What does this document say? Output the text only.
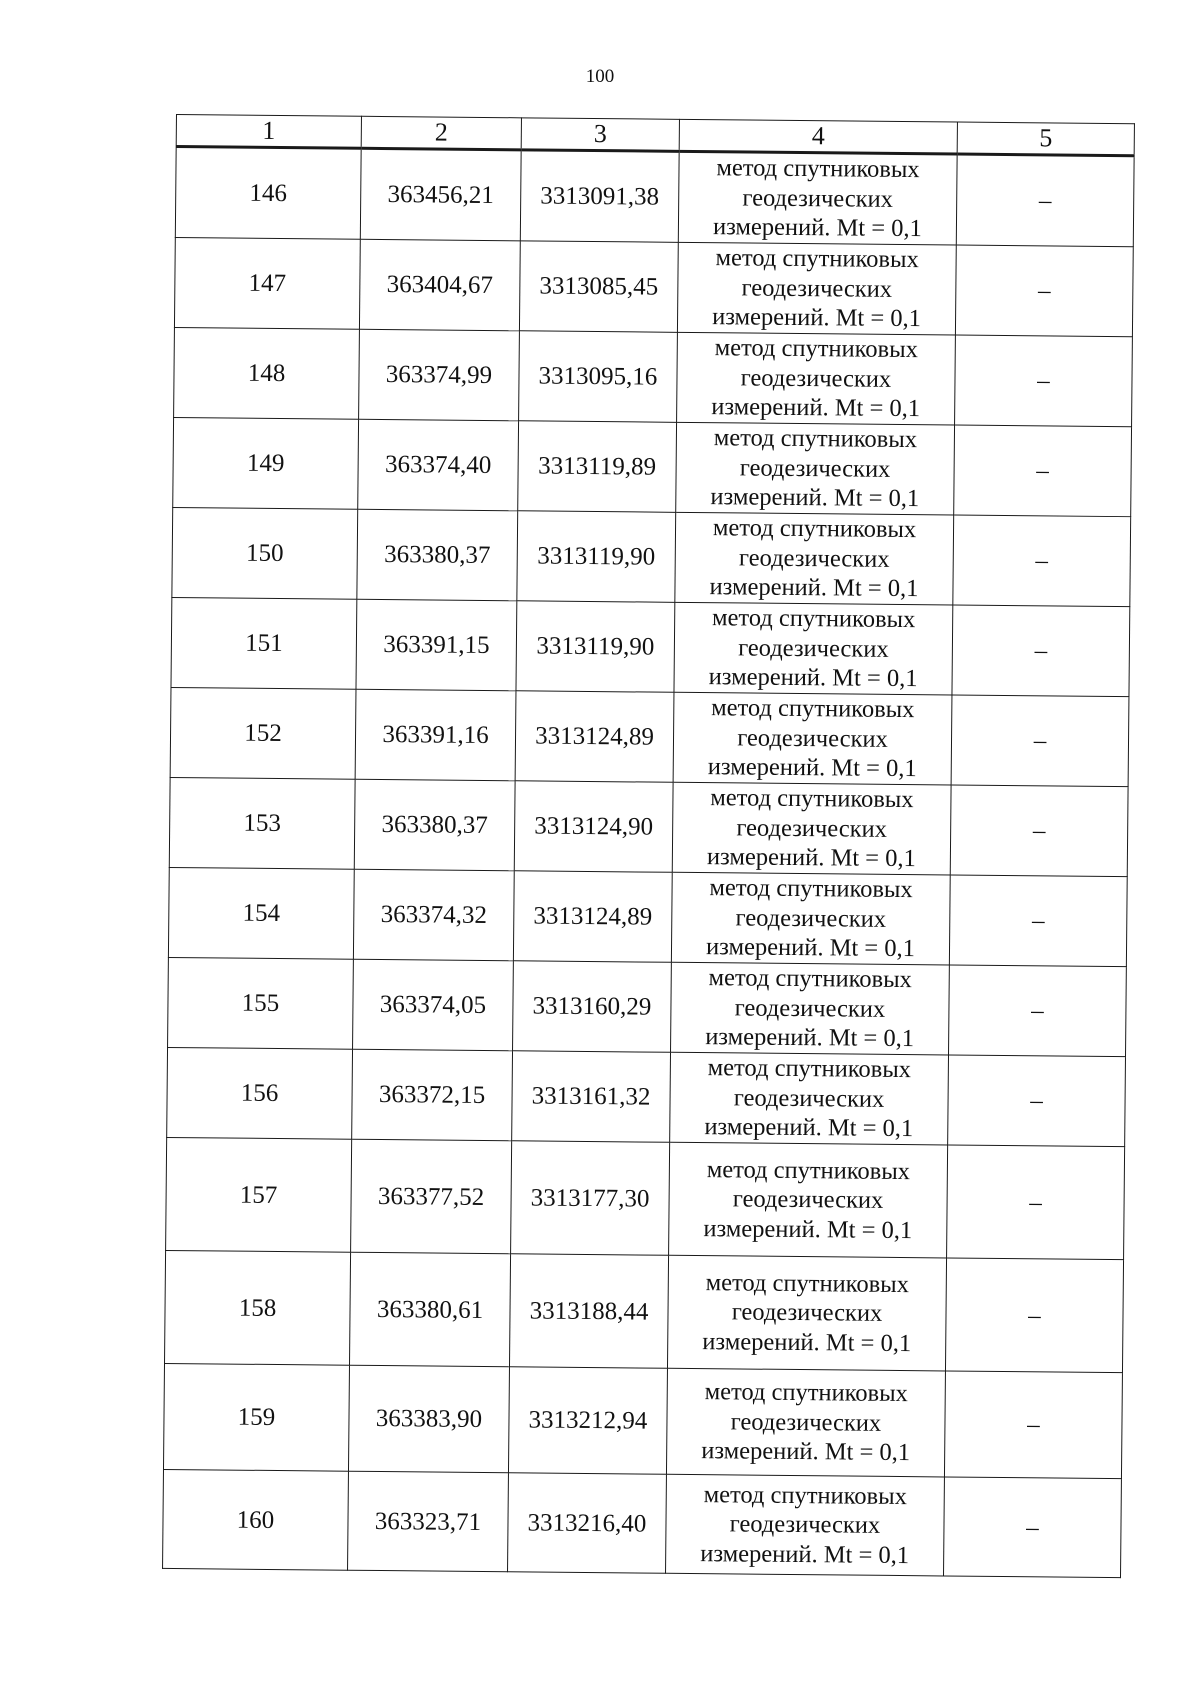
100
1	2	3	4	5
146	363456,21	3313091,38	метод спутниковых
геодезических
измерений. Mt = 0,1	–
147	363404,67	3313085,45	метод спутниковых
геодезических
измерений. Mt = 0,1	–
148	363374,99	3313095,16	метод спутниковых
геодезических
измерений. Mt = 0,1	–
149	363374,40	3313119,89	метод спутниковых
геодезических
измерений. Mt = 0,1	–
150	363380,37	3313119,90	метод спутниковых
геодезических
измерений. Mt = 0,1	–
151	363391,15	3313119,90	метод спутниковых
геодезических
измерений. Mt = 0,1	–
152	363391,16	3313124,89	метод спутниковых
геодезических
измерений. Mt = 0,1	–
153	363380,37	3313124,90	метод спутниковых
геодезических
измерений. Mt = 0,1	–
154	363374,32	3313124,89	метод спутниковых
геодезических
измерений. Mt = 0,1	–
155	363374,05	3313160,29	метод спутниковых
геодезических
измерений. Mt = 0,1	–
156	363372,15	3313161,32	метод спутниковых
геодезических
измерений. Mt = 0,1	–
157	363377,52	3313177,30	метод спутниковых
геодезических
измерений. Mt = 0,1	–
158	363380,61	3313188,44	метод спутниковых
геодезических
измерений. Mt = 0,1	–
159	363383,90	3313212,94	метод спутниковых
геодезических
измерений. Mt = 0,1	–
160	363323,71	3313216,40	метод спутниковых
геодезических
измерений. Mt = 0,1	–
